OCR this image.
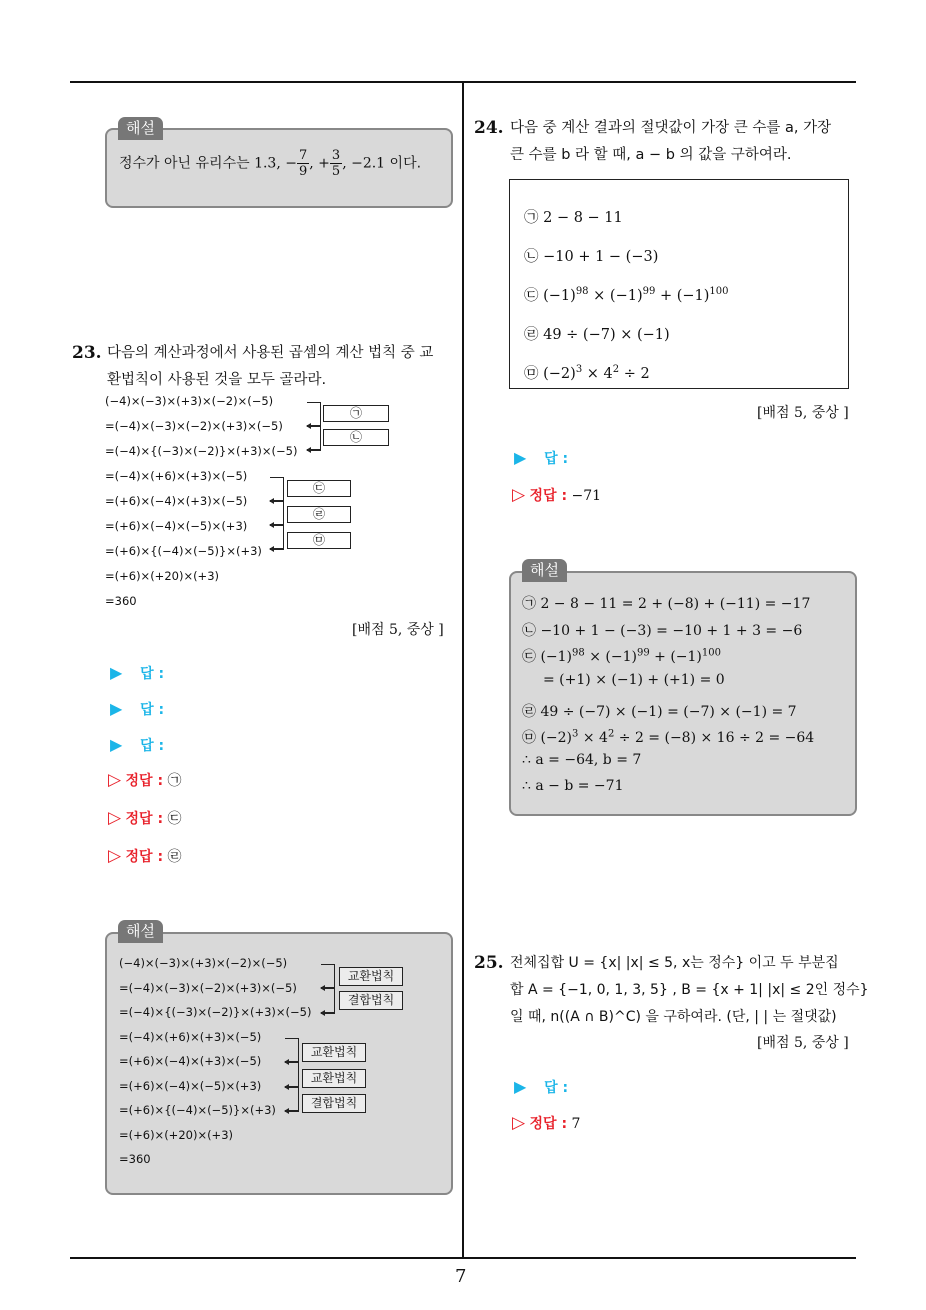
7
정수가 아닌 유리수는 1.3, − $\frac{7}{9}$ , + $\frac{3}{5}$ , −2.1 이다.
해설
23. 다음의 계산과정에서 사용된 곱셈의 계산 법칙 중 교
환법칙이 사용된 것을 모두 골라라.
(−4)×(−3)×(+3)×(−2)×(−5)
=(−4)×(−3)×(−2)×(+3)×(−5)
=(−4)×{(−3)×(−2)}×(+3)×(−5)
=(−4)×(+6)×(+3)×(−5)
=(+6)×(−4)×(+3)×(−5)
=(+6)×(−4)×(−5)×(+3)
=(+6)×{(−4)×(−5)}×(+3)
=(+6)×(+20)×(+3)
=360
㉠
㉡
㉢
㉣
㉤
[배점 5, 중상 ]
▶ 답 :
▶ 답 :
▶ 답 :
▷ 정답 : ㉠
▷ 정답 : ㉢
▷ 정답 : ㉣
(−4)×(−3)×(+3)×(−2)×(−5)
=(−4)×(−3)×(−2)×(+3)×(−5)
=(−4)×{(−3)×(−2)}×(+3)×(−5)
=(−4)×(+6)×(+3)×(−5)
=(+6)×(−4)×(+3)×(−5)
=(+6)×(−4)×(−5)×(+3)
=(+6)×{(−4)×(−5)}×(+3)
=(+6)×(+20)×(+3)
=360
교환법칙
결합법칙
교환법칙
교환법칙
결합법칙
해설
24. 다음 중 계산 결과의 절댓값이 가장 큰 수를 a, 가장
큰 수를 b 라 할 때, a − b 의 값을 구하여라.
㉠ 2 − 8 − 11
㉡ −10 + 1 − (−3)
㉢ $(-1)^{98} \times (-1)^{99} + (-1)^{100}$
㉣ 49 ÷ (−7) × (−1)
㉤ $(-2)^3 \times 4^2 \div 2$
[배점 5, 중상 ]
▶ 답 :
▷ 정답 : −71
해설
㉠ 2 − 8 − 11 = 2 + (−8) + (−11) = −17
㉡ −10 + 1 − (−3) = −10 + 1 + 3 = −6
㉢ $(-1)^{98} \times (-1)^{99} + (-1)^{100}$
= (+1) × (−1) + (+1) = 0
㉣ 49 ÷ (−7) × (−1) = (−7) × (−1) = 7
㉤ $(-2)^3 \times 4^2 \div 2 = (-8) \times 16 \div 2 = -64$
∴ a = −64, b = 7
∴ a − b = −71
25. 전체집합 U = {x| |x| ≤ 5, x는 정수} 이고 두 부분집
합 A = {−1, 0, 1, 3, 5} , B = {x + 1| |x| ≤ 2인 정수}
일 때, n((A ∩ B)^C) 을 구하여라. (단, | | 는 절댓값)
[배점 5, 중상 ]
▶ 답 :
▷ 정답 : 7
